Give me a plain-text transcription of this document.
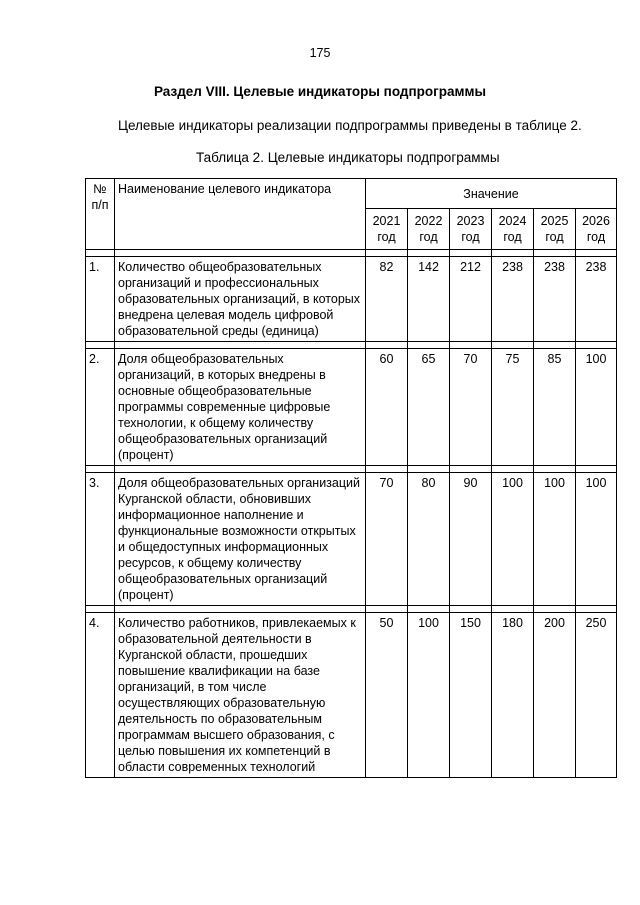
175
Раздел VIII. Целевые индикаторы подпрограммы
Целевые индикаторы реализации подпрограммы приведены в таблице 2.
Таблица 2. Целевые индикаторы подпрограммы
№ п/п	Наименование целевого индикатора	Значение					
		2021 год	2022 год	2023 год	2024 год	2025 год	2026 год

1.	Количество общеобразовательных организаций и профессиональных образовательных организаций, в которых внедрена целевая модель цифровой образовательной среды (единица)	82	142	212	238	238	238

2.	Доля общеобразовательных организаций, в которых внедрены в основные общеобразовательные программы современные цифровые технологии, к общему количеству общеобразовательных организаций (процент)	60	65	70	75	85	100

3.	Доля общеобразовательных организаций Курганской области, обновивших информационное наполнение и функциональные возможности открытых и общедоступных информационных ресурсов, к общему количеству общеобразовательных организаций (процент)	70	80	90	100	100	100

4.	Количество работников, привлекаемых к образовательной деятельности в Курганской области, прошедших повышение квалификации на базе организаций, в том числе осуществляющих образовательную деятельность по образовательным программам высшего образования, с целью повышения их компетенций в области современных технологий	50	100	150	180	200	250
